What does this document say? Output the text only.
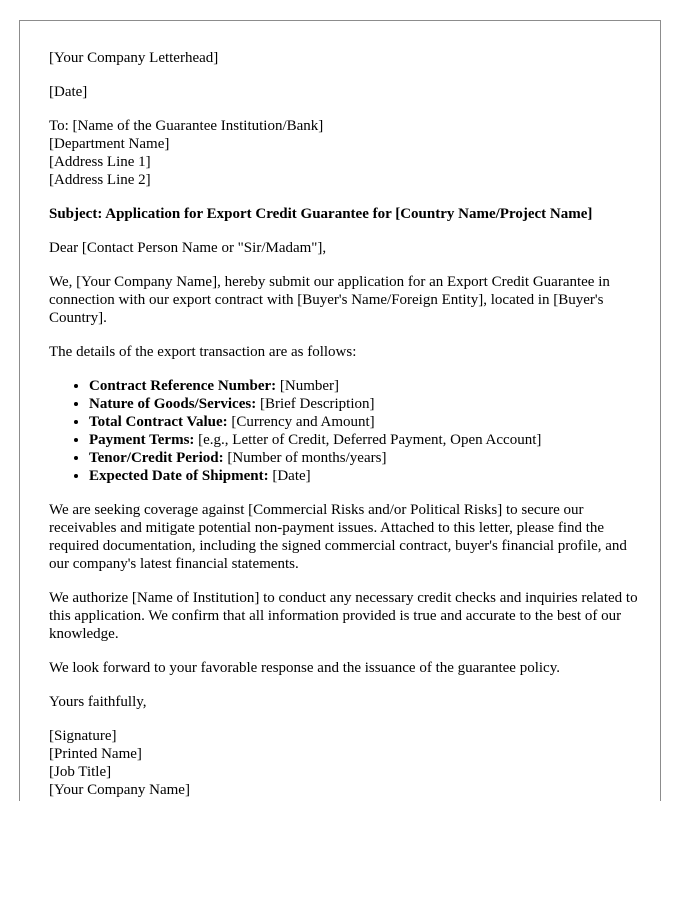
[Your Company Letterhead]

[Date]

To: [Name of the Guarantee Institution/Bank]
[Department Name]
[Address Line 1]
[Address Line 2]

Subject: Application for Export Credit Guarantee for [Country Name/Project Name]

Dear [Contact Person Name or "Sir/Madam"],

We, [Your Company Name], hereby submit our application for an Export Credit Guarantee in connection with our export contract with [Buyer's Name/Foreign Entity], located in [Buyer's Country].

The details of the export transaction are as follows:

• Contract Reference Number: [Number]
• Nature of Goods/Services: [Brief Description]
• Total Contract Value: [Currency and Amount]
• Payment Terms: [e.g., Letter of Credit, Deferred Payment, Open Account]
• Tenor/Credit Period: [Number of months/years]
• Expected Date of Shipment: [Date]

We are seeking coverage against [Commercial Risks and/or Political Risks] to secure our receivables and mitigate potential non-payment issues. Attached to this letter, please find the required documentation, including the signed commercial contract, buyer's financial profile, and our company's latest financial statements.

We authorize [Name of Institution] to conduct any necessary credit checks and inquiries related to this application. We confirm that all information provided is true and accurate to the best of our knowledge.

We look forward to your favorable response and the issuance of the guarantee policy.

Yours faithfully,

[Signature]
[Printed Name]
[Job Title]
[Your Company Name]
